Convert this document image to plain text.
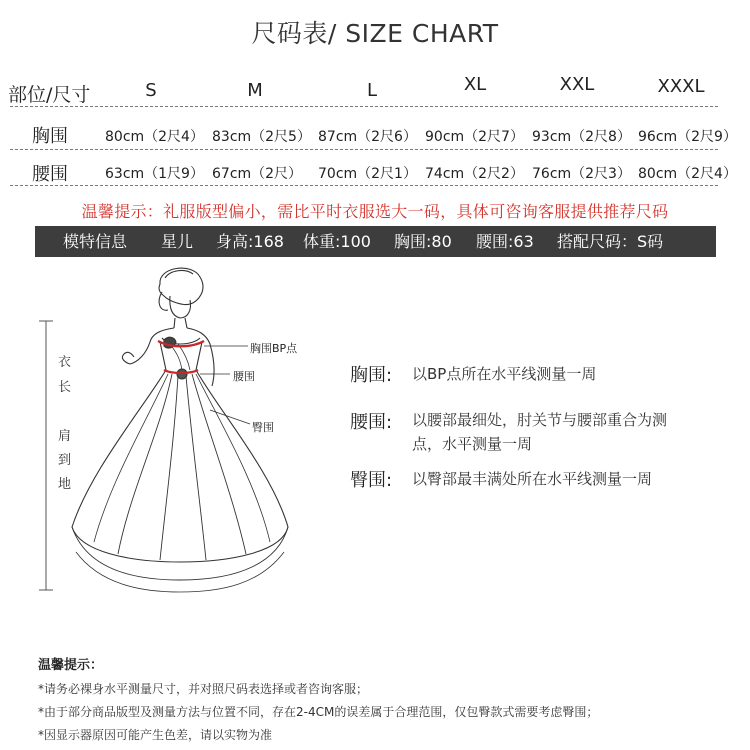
尺码表/ SIZE CHART
部位/尺寸	S	M	L	XL	XXL	XXXL
胸围	80cm（2尺4） 83cm（2尺5） 87cm（2尺6） 90cm（2尺7） 93cm（2尺8） 96cm（2尺9）
腰围	63cm（1尺9） 67cm（2尺） 70cm（2尺1） 74cm（2尺2） 76cm（2尺3） 80cm（2尺4）
温馨提示：礼服版型偏小，需比平时衣服选大一码，具体可咨询客服提供推荐尺码
模特信息 星儿 身高:168 体重:100 胸围:80 腰围:63 搭配尺码：S码
衣
长
肩
到
地
胸围BP点
腰围
臀围
胸围: 以BP点所在水平线测量一周
腰围: 以腰部最细处，肘关节与腰部重合为测
点，水平测量一周
臀围: 以臀部最丰满处所在水平线测量一周
温馨提示：
*请务必裸身水平测量尺寸，并对照尺码表选择或者咨询客服；
*由于部分商品版型及测量方法与位置不同，存在2-4CM的误差属于合理范围，仅包臀款式需要考虑臀围；
*因显示器原因可能产生色差，请以实物为准
